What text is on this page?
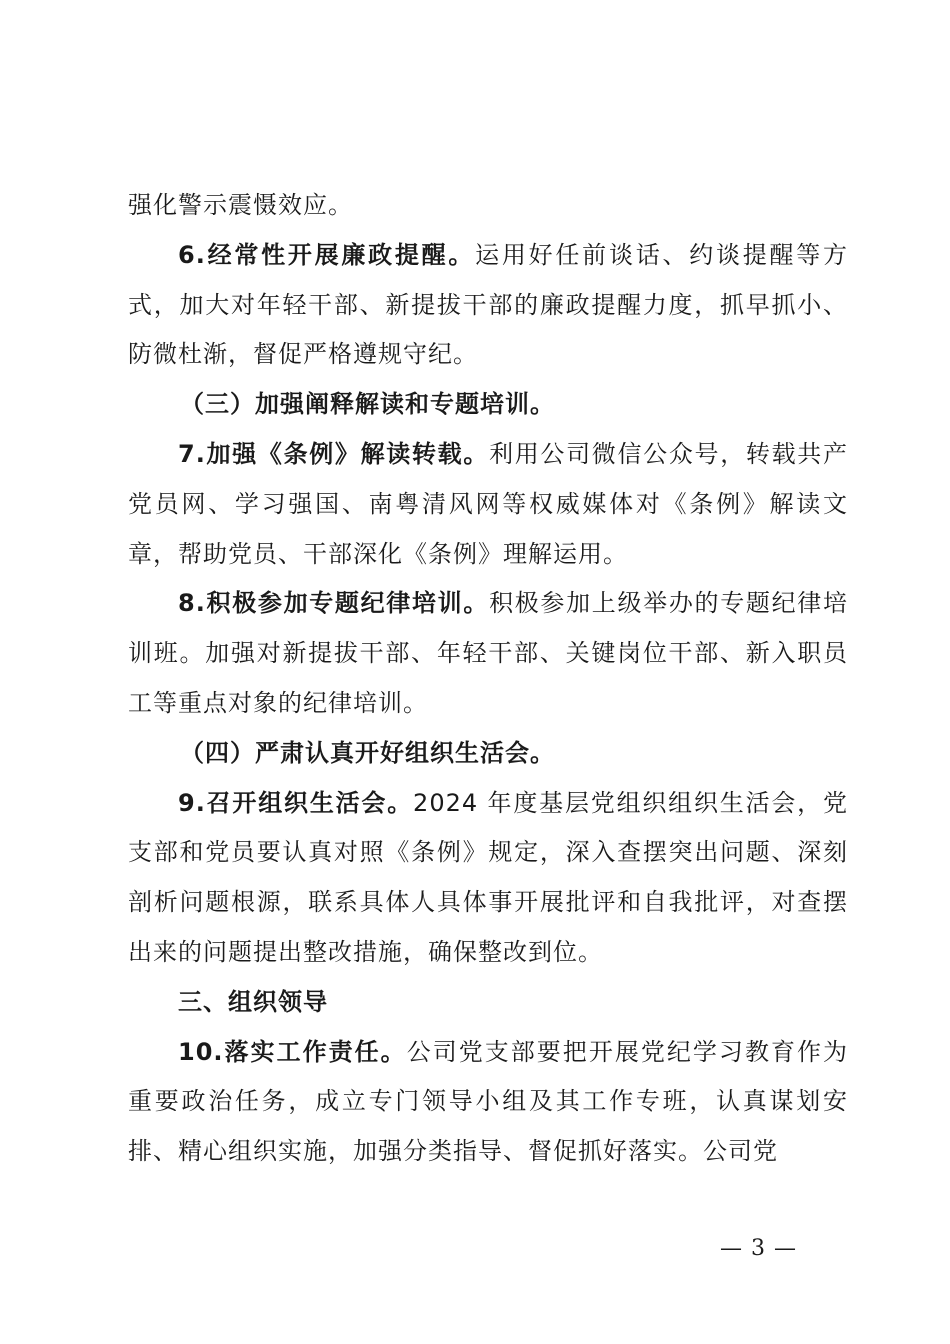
强化警示震慑效应。

6.经常性开展廉政提醒。运用好任前谈话、约谈提醒等方式，加大对年轻干部、新提拔干部的廉政提醒力度，抓早抓小、防微杜渐，督促严格遵规守纪。

（三）加强阐释解读和专题培训。

7.加强《条例》解读转载。利用公司微信公众号，转载共产党员网、学习强国、南粤清风网等权威媒体对《条例》解读文章，帮助党员、干部深化《条例》理解运用。

8.积极参加专题纪律培训。积极参加上级举办的专题纪律培训班。加强对新提拔干部、年轻干部、关键岗位干部、新入职员工等重点对象的纪律培训。

（四）严肃认真开好组织生活会。

9.召开组织生活会。2024 年度基层党组织组织生活会，党支部和党员要认真对照《条例》规定，深入查摆突出问题、深刻剖析问题根源，联系具体人具体事开展批评和自我批评，对查摆出来的问题提出整改措施，确保整改到位。

三、组织领导

10.落实工作责任。公司党支部要把开展党纪学习教育作为重要政治任务，成立专门领导小组及其工作专班，认真谋划安排、精心组织实施，加强分类指导、督促抓好落实。公司党

— 3 —
